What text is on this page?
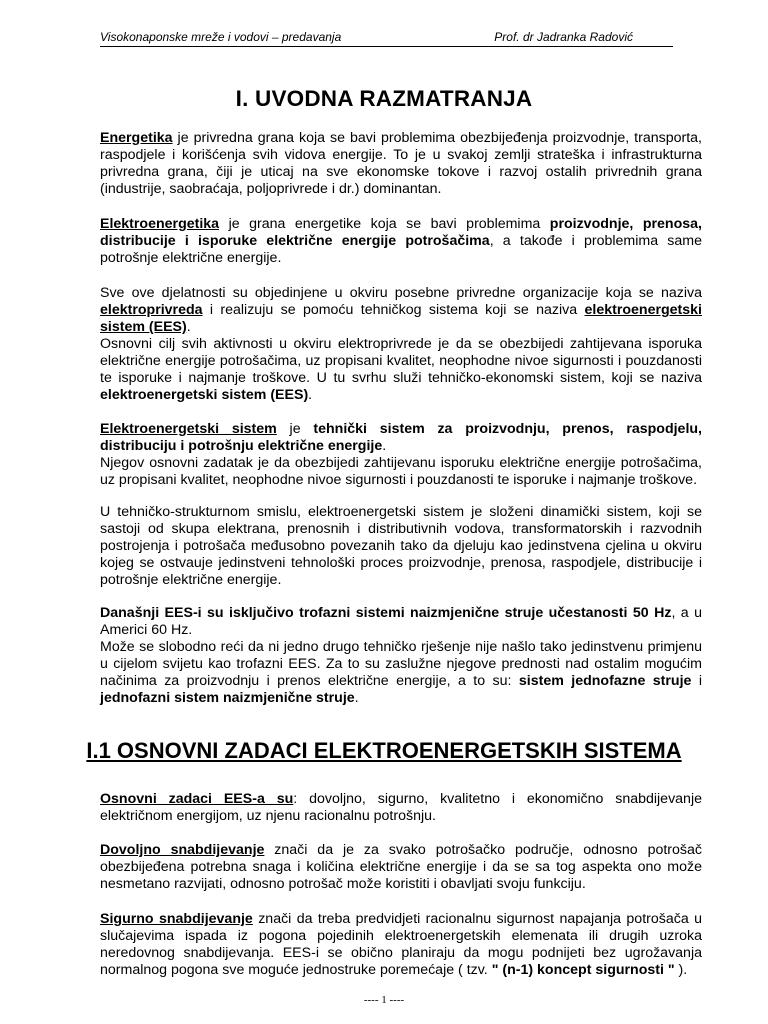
Visokonaponske mreže i vodovi – predavanja	Prof. dr Jadranka Radović
I. UVODNA RAZMATRANJA

Energetika je privredna grana koja se bavi problemima obezbijeđenja proizvodnje, transporta, raspodjele i korišćenja svih vidova energije. To je u svakoj zemlji strateška i infrastrukturna privredna grana, čiji je uticaj na sve ekonomske tokove i razvoj ostalih privrednih grana (industrije, saobraćaja, poljoprivrede i dr.) dominantan.

Elektroenergetika je grana energetike koja se bavi problemima proizvodnje, prenosa, distribucije i isporuke električne energije potrošačima, a takođe i problemima same potrošnje električne energije.

Sve ove djelatnosti su objedinjene u okviru posebne privredne organizacije koja se naziva elektroprivreda i realizuju se pomoću tehničkog sistema koji se naziva elektroenergetski sistem (EES).

Osnovni cilj svih aktivnosti u okviru elektroprivrede je da se obezbijedi zahtijevana isporuka električne energije potrošačima, uz propisani kvalitet, neophodne nivoe sigurnosti i pouzdanosti te isporuke i najmanje troškove. U tu svrhu služi tehničko-ekonomski sistem, koji se naziva elektroenergetski sistem (EES).

Elektroenergetski sistem je tehnički sistem za proizvodnju, prenos, raspodjelu, distribuciju i potrošnju električne energije.

Njegov osnovni zadatak je da obezbijedi zahtijevanu isporuku električne energije potrošačima, uz propisani kvalitet, neophodne nivoe sigurnosti i pouzdanosti te isporuke i najmanje troškove.

U tehničko-strukturnom smislu, elektroenergetski sistem je složeni dinamički sistem, koji se sastoji od skupa elektrana, prenosnih i distributivnih vodova, transformatorskih i razvodnih postrojenja i potrošača međusobno povezanih tako da djeluju kao jedinstvena cjelina u okviru kojeg se ostvauje jedinstveni tehnološki proces proizvodnje, prenosa, raspodjele, distribucije i potrošnje električne energije.

Današnji EES-i su isključivo trofazni sistemi naizmjenične struje učestanosti 50 Hz, a u Americi 60 Hz.

Može se slobodno reći da ni jedno drugo tehničko rješenje nije našlo tako jedinstvenu primjenu u cijelom svijetu kao trofazni EES. Za to su zaslužne njegove prednosti nad ostalim mogućim načinima za proizvodnju i prenos električne energije, a to su: sistem jednofazne struje i jednofazni sistem naizmjenične struje.

I.1 OSNOVNI ZADACI ELEKTROENERGETSKIH SISTEMA

Osnovni zadaci EES-a su: dovoljno, sigurno, kvalitetno i ekonomično snabdijevanje električnom energijom, uz njenu racionalnu potrošnju.

Dovoljno snabdijevanje znači da je za svako potrošačko područje, odnosno potrošač obezbijeđena potrebna snaga i količina električne energije i da se sa tog aspekta ono može nesmetano razvijati, odnosno potrošač može koristiti i obavljati svoju funkciju.

Sigurno snabdijevanje znači da treba predvidjeti racionalnu sigurnost napajanja potrošača u slučajevima ispada iz pogona pojedinih elektroenergetskih elemenata ili drugih uzroka neredovnog snabdijevanja. EES-i se obično planiraju da mogu podnijeti bez ugrožavanja normalnog pogona sve moguće jednostruke poremećaje ( tzv. " (n-1) koncept sigurnosti " ).

---- 1 ----
